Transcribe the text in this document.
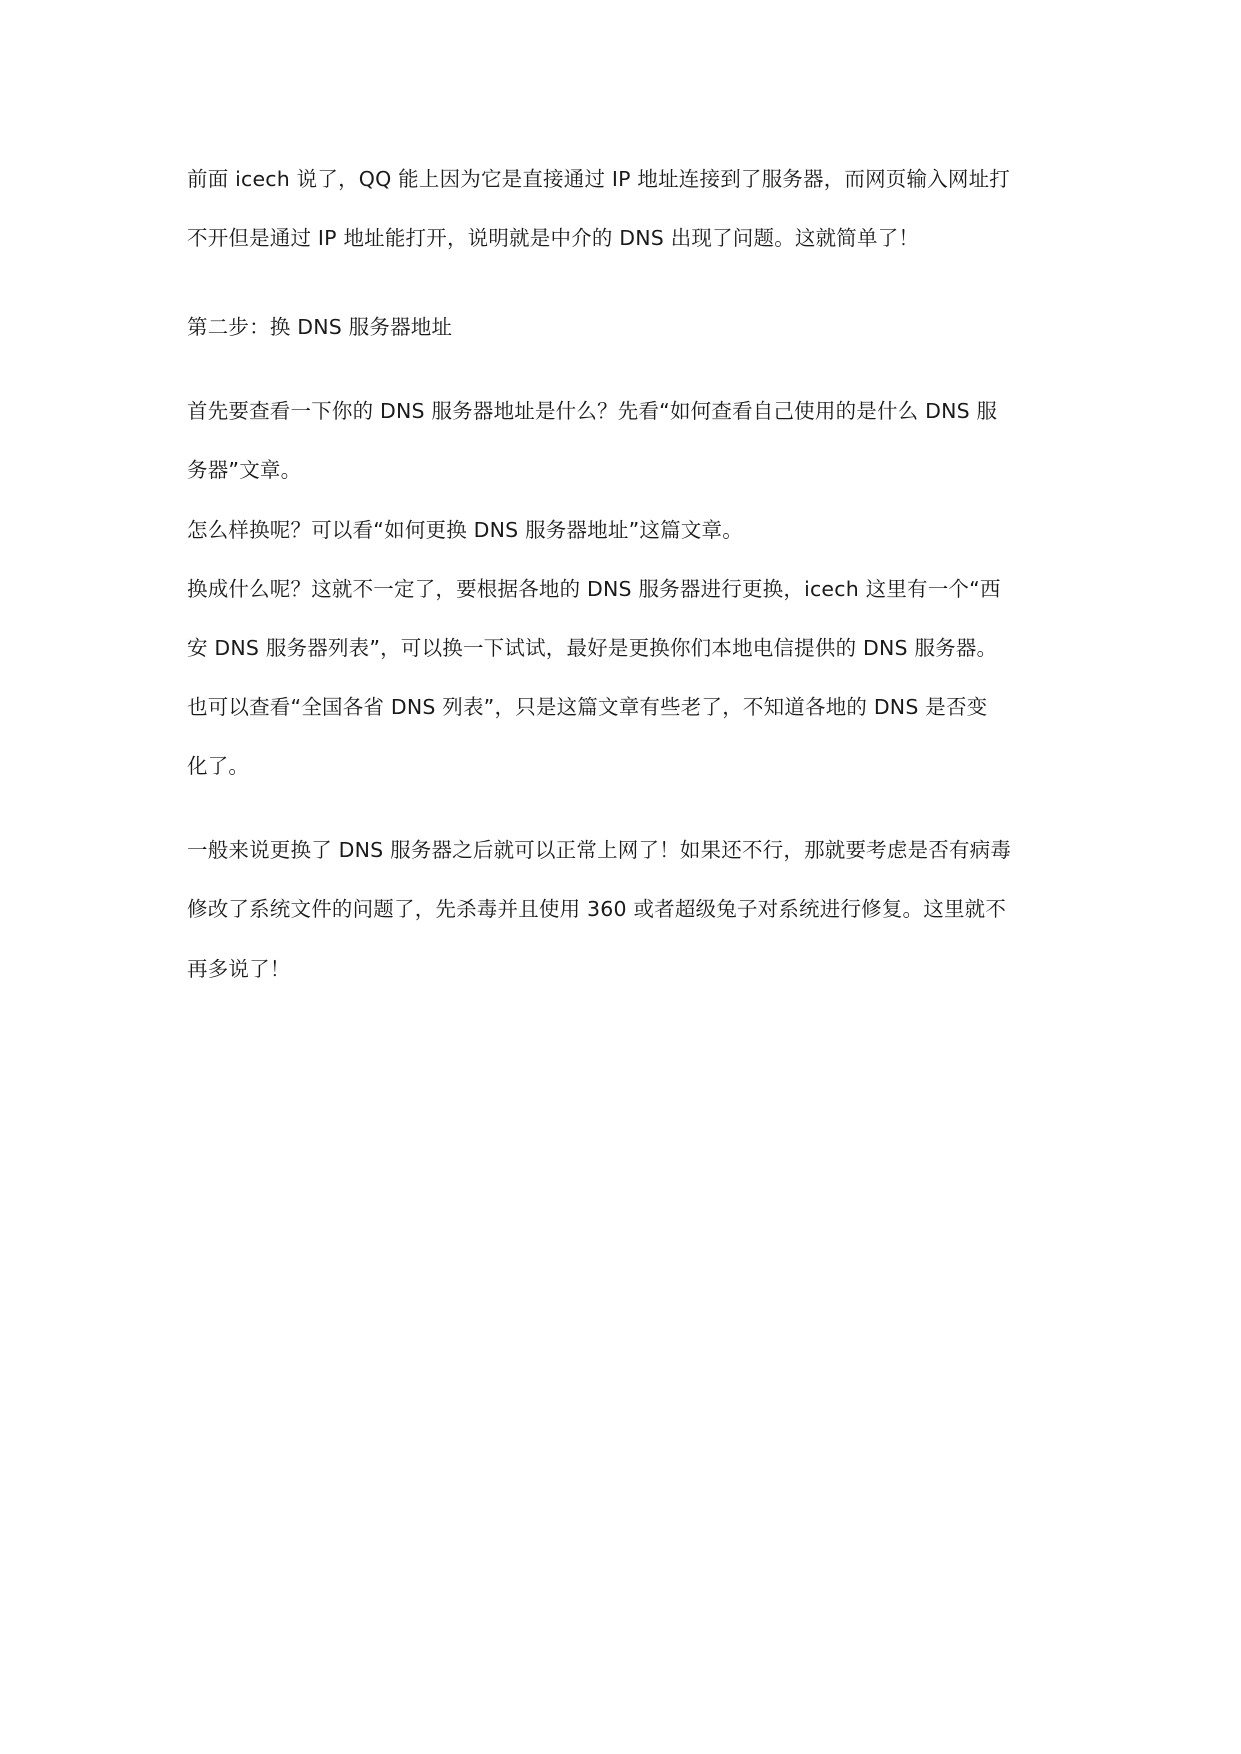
前面 icech 说了，QQ 能上因为它是直接通过 IP 地址连接到了服务器，而网页输入网址打
不开但是通过 IP 地址能打开，说明就是中介的 DNS 出现了问题。这就简单了！
第二步：换 DNS 服务器地址
首先要查看一下你的 DNS 服务器地址是什么？先看“如何查看自己使用的是什么 DNS 服
务器”文章。
怎么样换呢？可以看“如何更换 DNS 服务器地址”这篇文章。
换成什么呢？这就不一定了，要根据各地的 DNS 服务器进行更换，icech 这里有一个“西
安 DNS 服务器列表”，可以换一下试试，最好是更换你们本地电信提供的 DNS 服务器。
也可以查看“全国各省 DNS 列表”，只是这篇文章有些老了，不知道各地的 DNS 是否变
化了。
一般来说更换了 DNS 服务器之后就可以正常上网了！如果还不行，那就要考虑是否有病毒
修改了系统文件的问题了，先杀毒并且使用 360 或者超级兔子对系统进行修复。这里就不
再多说了！
